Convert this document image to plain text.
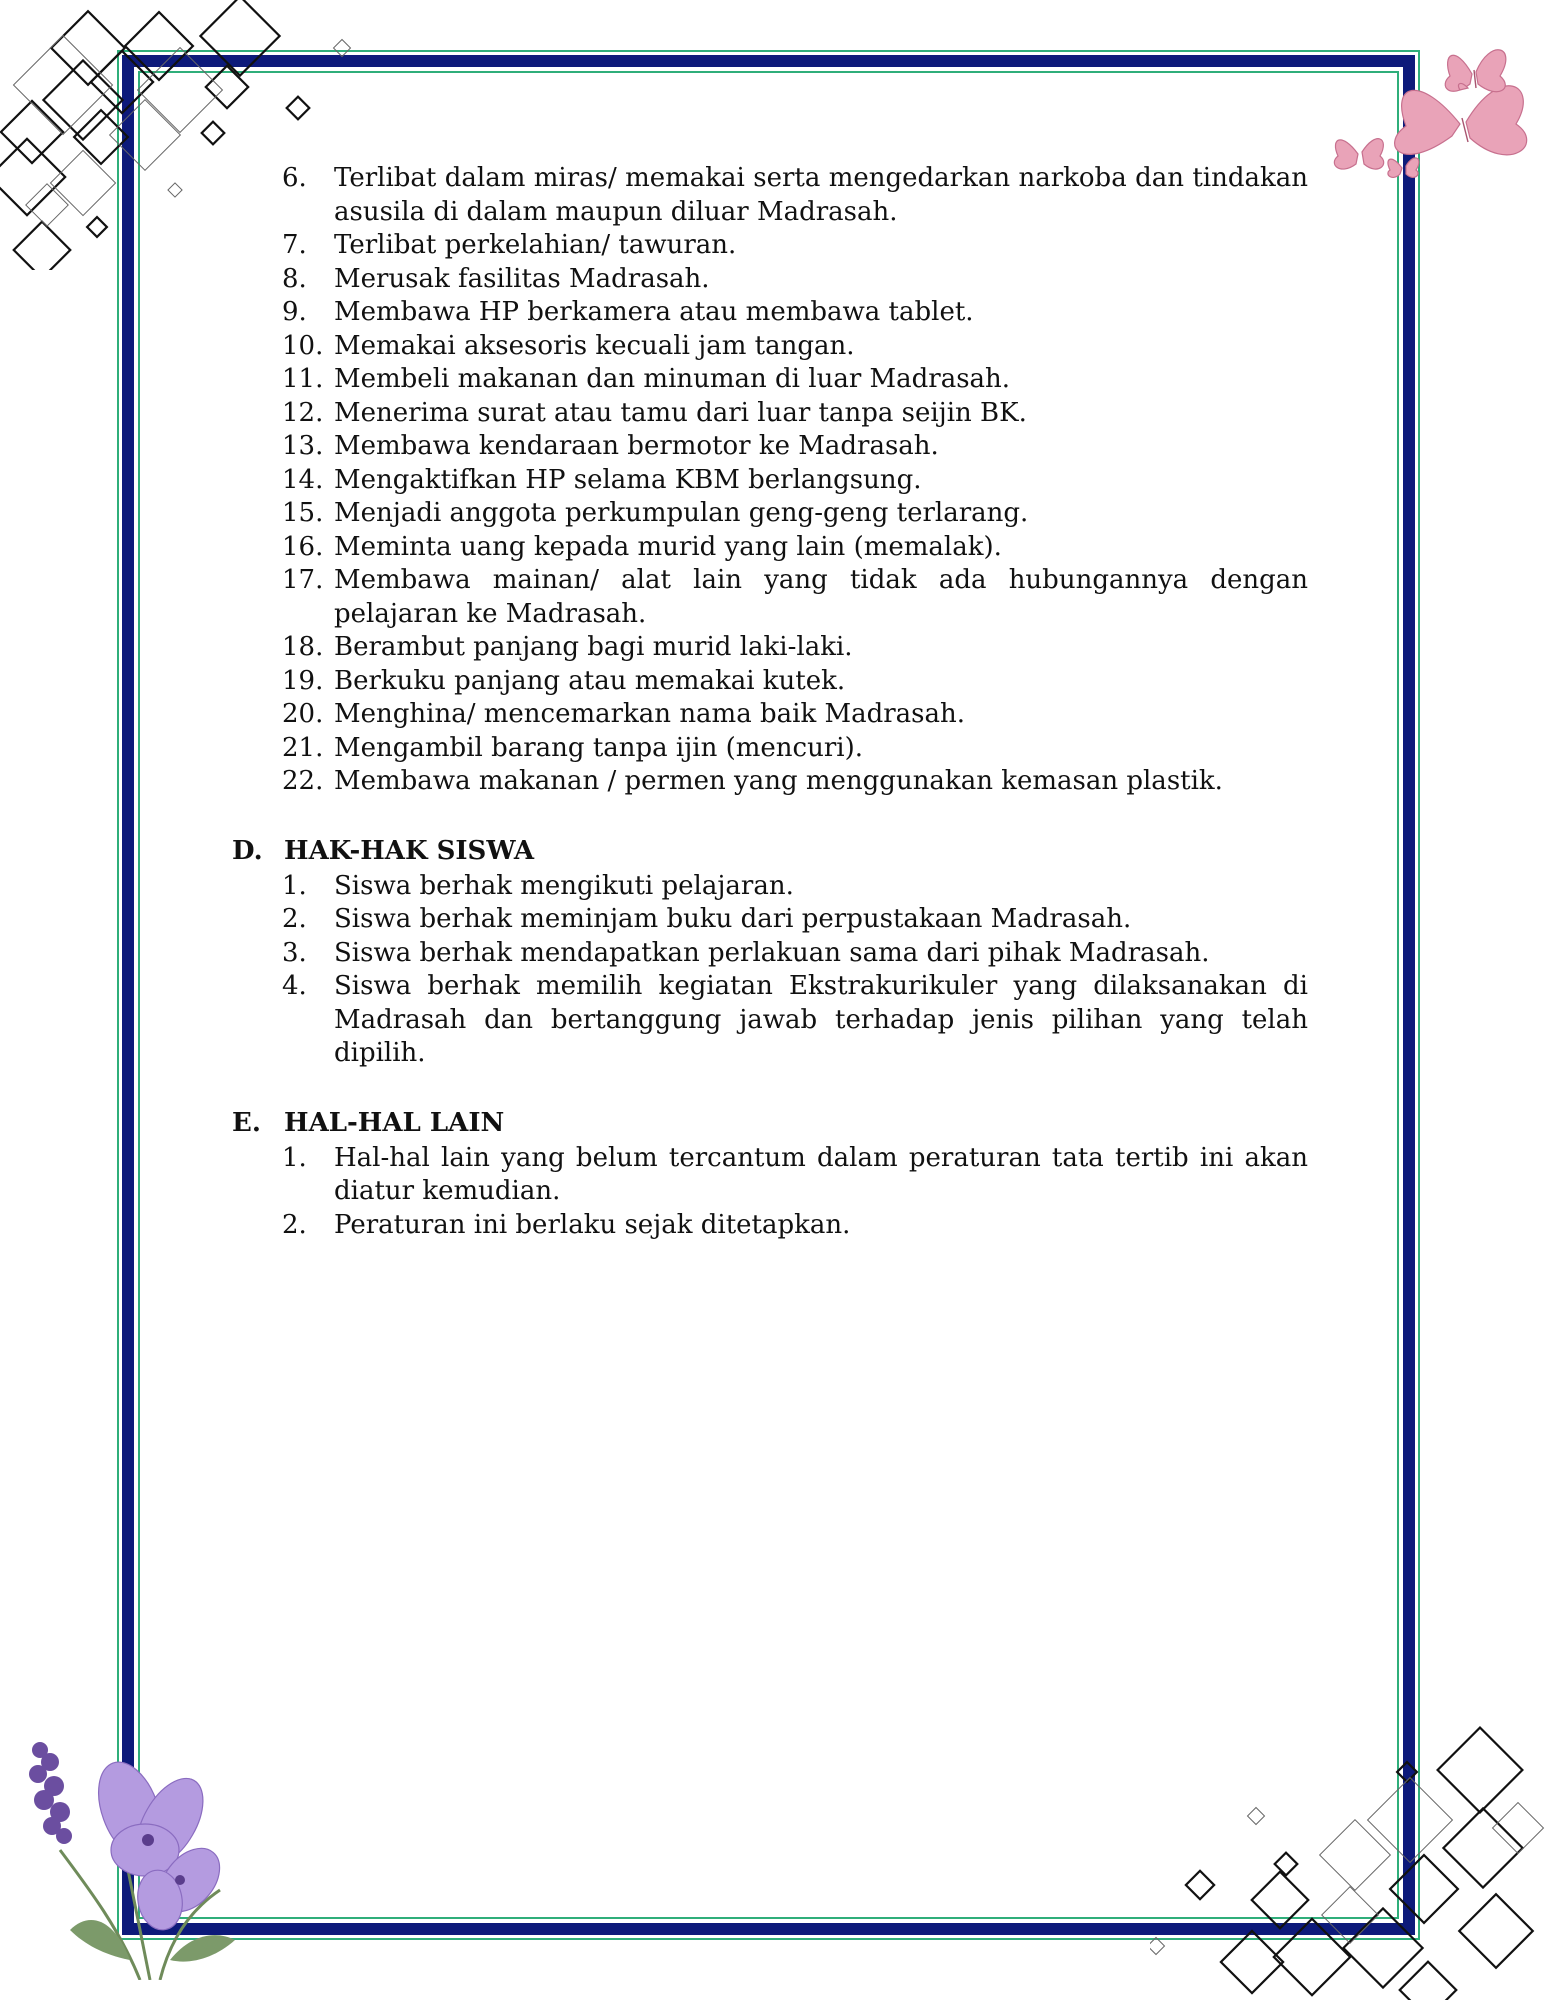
6. Terlibat dalam miras/ memakai serta mengedarkan narkoba dan tindakan asusila di dalam maupun diluar Madrasah.
7. Terlibat perkelahian/ tawuran.
8. Merusak fasilitas Madrasah.
9. Membawa HP berkamera atau membawa tablet.
10. Memakai aksesoris kecuali jam tangan.
11. Membeli makanan dan minuman di luar Madrasah.
12. Menerima surat atau tamu dari luar tanpa seijin BK.
13. Membawa kendaraan bermotor ke Madrasah.
14. Mengaktifkan HP selama KBM berlangsung.
15. Menjadi anggota perkumpulan geng-geng terlarang.
16. Meminta uang kepada murid yang lain (memalak).
17. Membawa mainan/ alat lain yang tidak ada hubungannya dengan pelajaran ke Madrasah.
18. Berambut panjang bagi murid laki-laki.
19. Berkuku panjang atau memakai kutek.
20. Menghina/ mencemarkan nama baik Madrasah.
21. Mengambil barang tanpa ijin (mencuri).
22. Membawa makanan / permen yang menggunakan kemasan plastik.
D. HAK-HAK SISWA
1. Siswa berhak mengikuti pelajaran.
2. Siswa berhak meminjam buku dari perpustakaan Madrasah.
3. Siswa berhak mendapatkan perlakuan sama dari pihak Madrasah.
4. Siswa berhak memilih kegiatan Ekstrakurikuler yang dilaksanakan di Madrasah dan bertanggung jawab terhadap jenis pilihan yang telah dipilih.
E. HAL-HAL LAIN
1. Hal-hal lain yang belum tercantum dalam peraturan tata tertib ini akan diatur kemudian.
2. Peraturan ini berlaku sejak ditetapkan.
